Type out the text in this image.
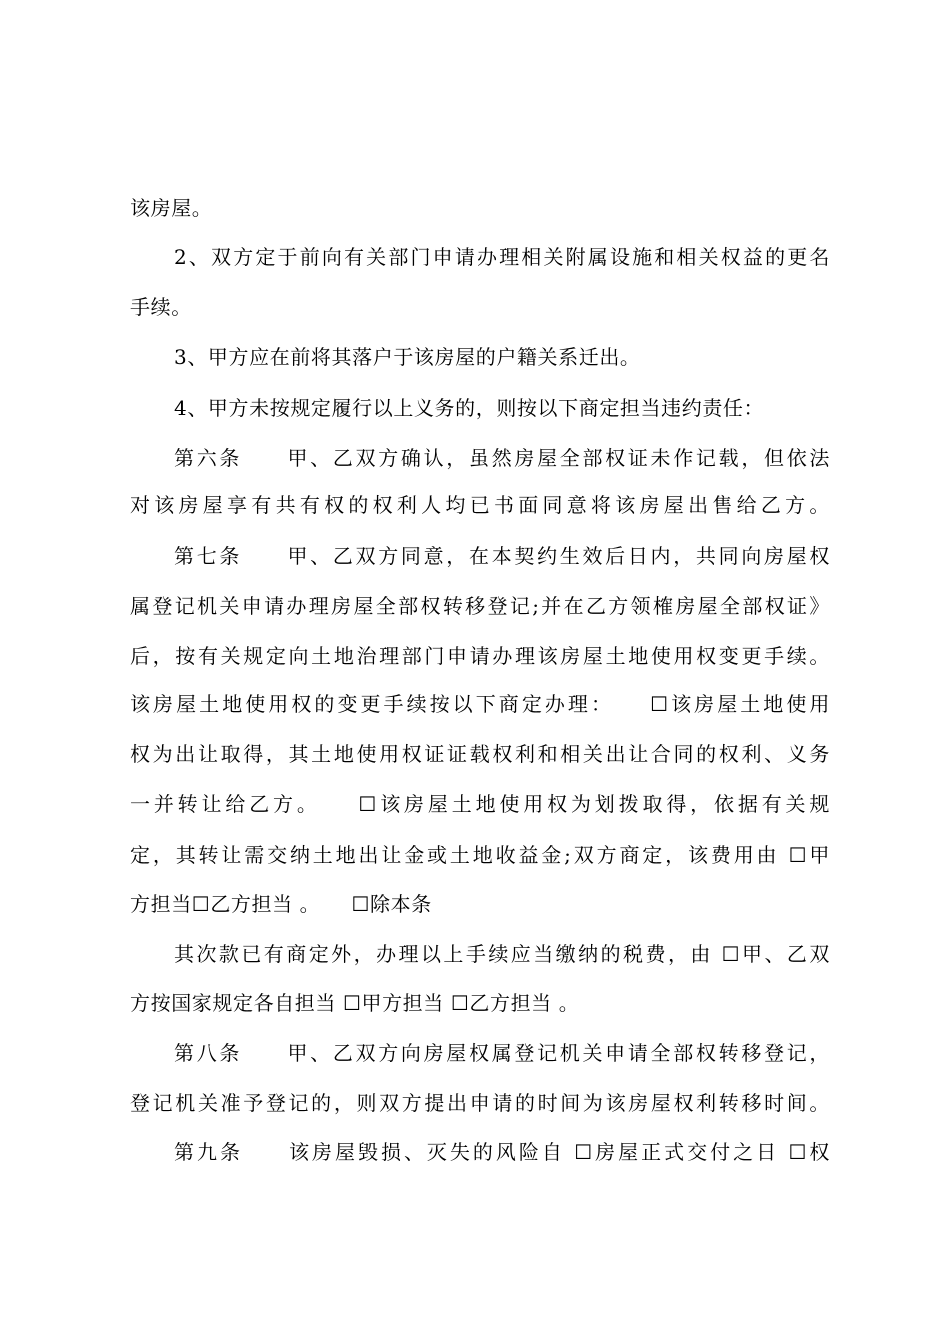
该房屋。
2、双方定于前向有关部门申请办理相关附属设施和相关权益的更名
手续。
3、甲方应在前将其落户于该房屋的户籍关系迁出。
4、甲方未按规定履行以上义务的，则按以下商定担当违约责任：
第六条　　甲、乙双方确认，虽然房屋全部权证未作记载，但依法
对该房屋享有共有权的权利人均已书面同意将该房屋出售给乙方。
第七条　　甲、乙双方同意，在本契约生效后日内，共同向房屋权
属登记机关申请办理房屋全部权转移登记;并在乙方领榷房屋全部权证》
后，按有关规定向土地治理部门申请办理该房屋土地使用权变更手续。
该房屋土地使用权的变更手续按以下商定办理：　　☐该房屋土地使用
权为出让取得，其土地使用权证证载权利和相关出让合同的权利、义务
一并转让给乙方。　　☐该房屋土地使用权为划拨取得，依据有关规
定，其转让需交纳土地出让金或土地收益金;双方商定，该费用由 ☐甲
方担当☐乙方担当 。　　☐除本条
其次款已有商定外，办理以上手续应当缴纳的税费，由 ☐甲、乙双
方按国家规定各自担当 ☐甲方担当 ☐乙方担当 。
第八条　　甲、乙双方向房屋权属登记机关申请全部权转移登记，
登记机关准予登记的，则双方提出申请的时间为该房屋权利转移时间。
第九条　　该房屋毁损、灭失的风险自 ☐房屋正式交付之日 ☐权
